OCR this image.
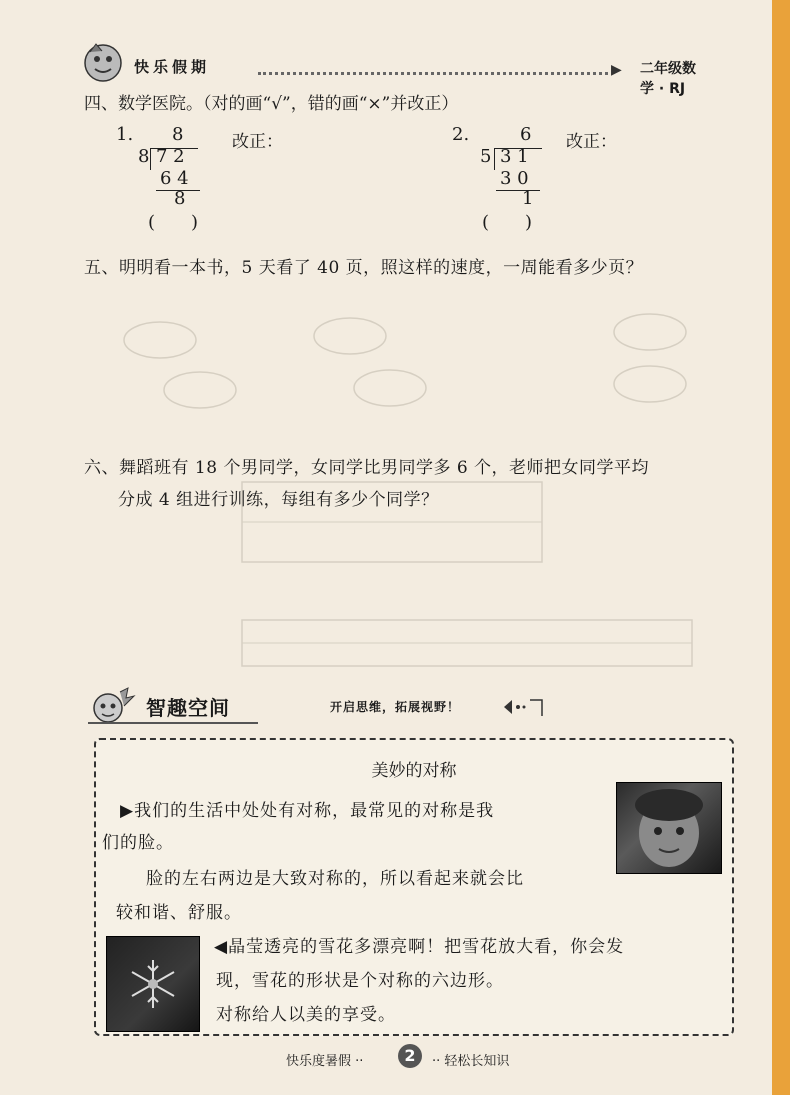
快乐假期	▶ 二年级数学 · RJ
四、数学医院。（对的画“√”，错的画“×”并改正）
1. 8
8 7 2
6 4
8
(　　)
改正：	2.	6
5 3 1
3 0
1
(　　)
改正：
五、明明看一本书，5 天看了 40 页，照这样的速度，一周能看多少页？
六、舞蹈班有 18 个男同学，女同学比男同学多 6 个，老师把女同学平均
分成 4 组进行训练，每组有多少个同学？
智趣空间	开启思维，拓展视野！
美妙的对称
▶我们的生活中处处有对称，最常见的对称是我
们的脸。
脸的左右两边是大致对称的，所以看起来就会比
较和谐、舒服。
◀晶莹透亮的雪花多漂亮啊！把雪花放大看，你会发
现，雪花的形状是个对称的六边形。
对称给人以美的享受。
快乐度暑假 ··	2	·· 轻松长知识
